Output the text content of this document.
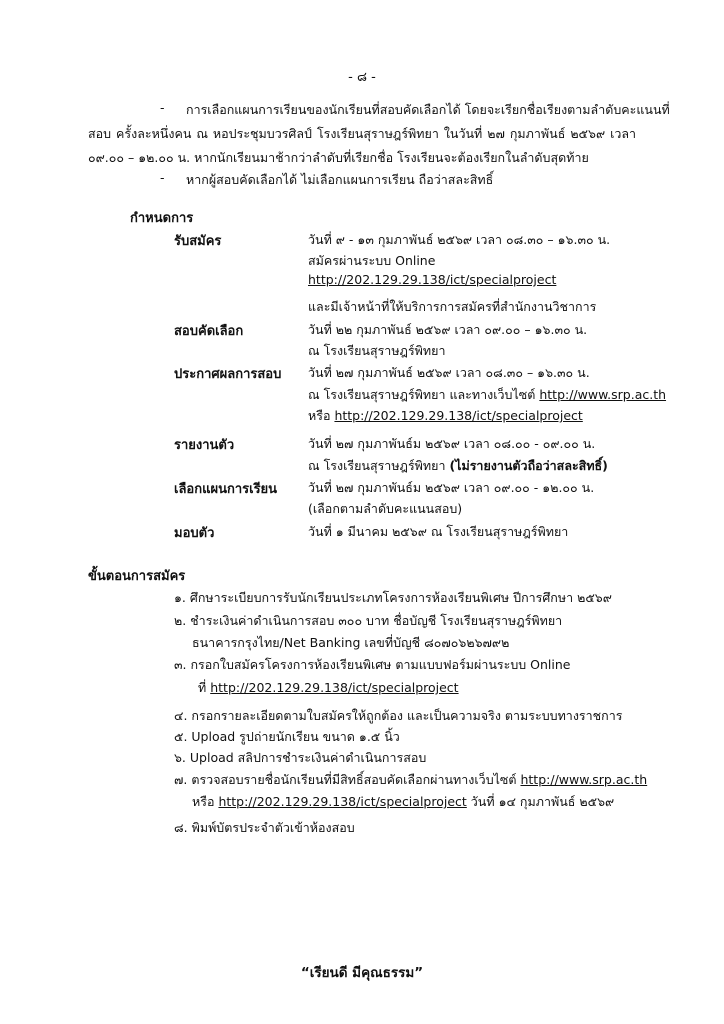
- ๘ -
- การเลือกแผนการเรียนของนักเรียนที่สอบคัดเลือกได้ โดยจะเรียกชื่อเรียงตามลำดับคะแนนที่
สอบ ครั้งละหนึ่งคน ณ หอประชุมบวรศิลป์ โรงเรียนสุราษฎร์พิทยา ในวันที่ ๒๗ กุมภาพันธ์ ๒๕๖๙ เวลา
๐๙.๐๐ – ๑๒.๐๐ น. หากนักเรียนมาช้ากว่าลำดับที่เรียกชื่อ โรงเรียนจะต้องเรียกในลำดับสุดท้าย
- หากผู้สอบคัดเลือกได้ ไม่เลือกแผนการเรียน ถือว่าสละสิทธิ์
กำหนดการ
รับสมัคร	วันที่ ๙ - ๑๓ กุมภาพันธ์ ๒๕๖๙ เวลา ๐๘.๓๐ – ๑๖.๓๐ น.
สมัครผ่านระบบ Online
http://202.129.29.138/ict/specialproject
และมีเจ้าหน้าที่ให้บริการการสมัครที่สำนักงานวิชาการ
สอบคัดเลือก	วันที่ ๒๒ กุมภาพันธ์ ๒๕๖๙ เวลา ๐๙.๐๐ – ๑๖.๓๐ น.
ณ โรงเรียนสุราษฎร์พิทยา
ประกาศผลการสอบ วันที่ ๒๗ กุมภาพันธ์ ๒๕๖๙ เวลา ๐๘.๓๐ – ๑๖.๓๐ น.
ณ โรงเรียนสุราษฎร์พิทยา และทางเว็บไซต์ http://www.srp.ac.th
หรือ http://202.129.29.138/ict/specialproject
รายงานตัว	วันที่ ๒๗ กุมภาพันธ์ม ๒๕๖๙ เวลา ๐๘.๐๐ - ๐๙.๐๐ น.
ณ โรงเรียนสุราษฎร์พิทยา (ไม่รายงานตัวถือว่าสละสิทธิ์)
เลือกแผนการเรียน วันที่ ๒๗ กุมภาพันธ์ม ๒๕๖๙ เวลา ๐๙.๐๐ - ๑๒.๐๐ น.
(เลือกตามลำดับคะแนนสอบ)
มอบตัว	วันที่ ๑ มีนาคม ๒๕๖๙ ณ โรงเรียนสุราษฎร์พิทยา
ขั้นตอนการสมัคร
๑. ศึกษาระเบียบการรับนักเรียนประเภทโครงการห้องเรียนพิเศษ ปีการศึกษา ๒๕๖๙
๒. ชำระเงินค่าดำเนินการสอบ ๓๐๐ บาท ชื่อบัญชี โรงเรียนสุราษฎร์พิทยา
ธนาคารกรุงไทย/Net Banking เลขที่บัญชี ๘๐๗๐๖๒๖๗๙๒
๓. กรอกใบสมัครโครงการห้องเรียนพิเศษ ตามแบบฟอร์มผ่านระบบ Online
ที่ http://202.129.29.138/ict/specialproject
๔. กรอกรายละเอียดตามใบสมัครให้ถูกต้อง และเป็นความจริง ตามระบบทางราชการ
๕. Upload รูปถ่ายนักเรียน ขนาด ๑.๕ นิ้ว
๖. Upload สลิปการชำระเงินค่าดำเนินการสอบ
๗. ตรวจสอบรายชื่อนักเรียนที่มีสิทธิ์สอบคัดเลือกผ่านทางเว็บไซต์ http://www.srp.ac.th
หรือ http://202.129.29.138/ict/specialproject วันที่ ๑๔ กุมภาพันธ์ ๒๕๖๙
๘. พิมพ์บัตรประจำตัวเข้าห้องสอบ
“เรียนดี มีคุณธรรม”
